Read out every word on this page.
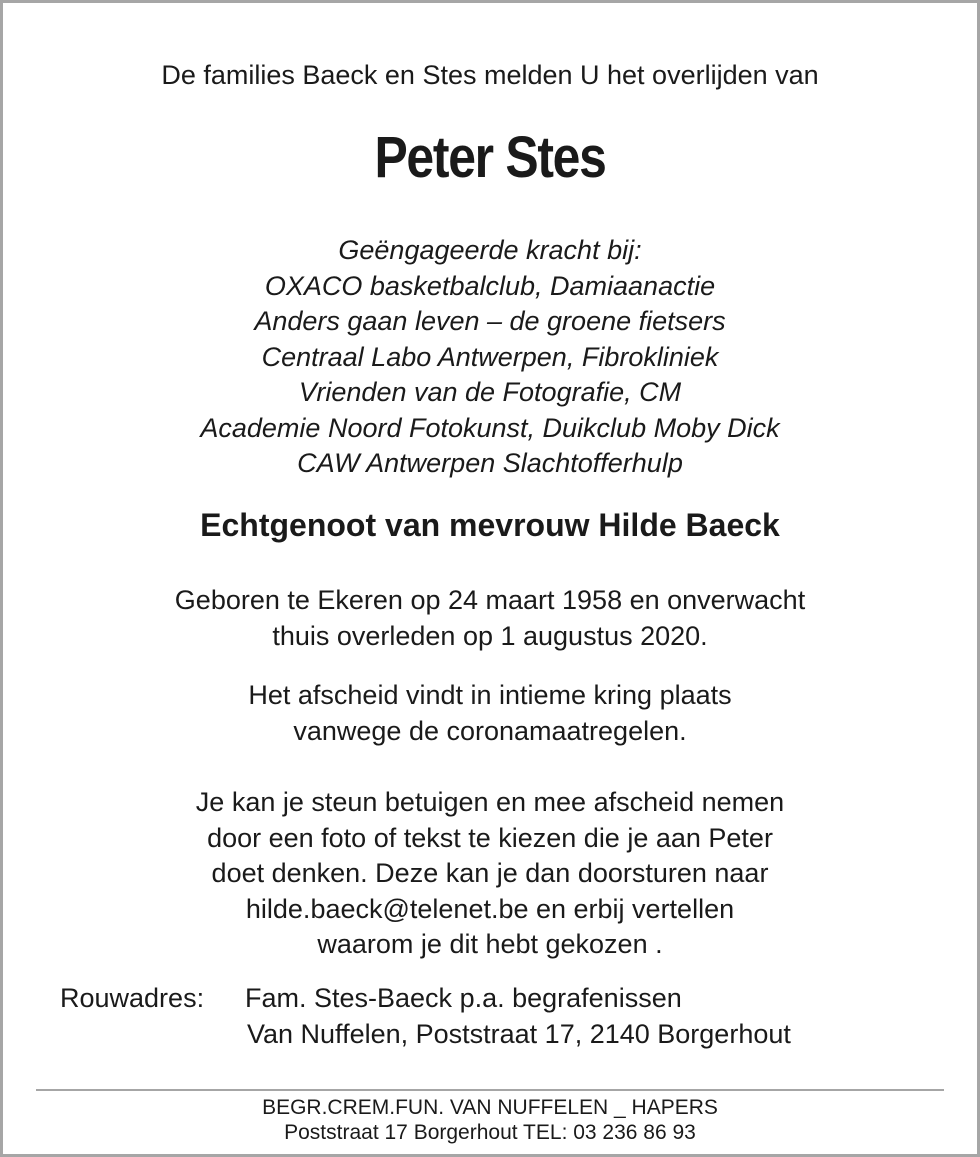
De families Baeck en Stes melden U het overlijden van
Peter Stes
Geëngageerde kracht bij:
OXACO basketbalclub, Damiaanactie
Anders gaan leven – de groene fietsers
Centraal Labo Antwerpen, Fibrokliniek
Vrienden van de Fotografie, CM
Academie Noord Fotokunst, Duikclub Moby Dick
CAW Antwerpen Slachtofferhulp
Echtgenoot van mevrouw Hilde Baeck
Geboren te Ekeren op 24 maart 1958 en onverwacht
thuis overleden op 1 augustus 2020.
Het afscheid vindt in intieme kring plaats
vanwege de coronamaatregelen.
Je kan je steun betuigen en mee afscheid nemen
door een foto of tekst te kiezen die je aan Peter
doet denken. Deze kan je dan doorsturen naar
hilde.baeck@telenet.be en erbij vertellen
waarom je dit hebt gekozen .
Rouwadres: Fam. Stes-Baeck p.a. begrafenissen
Van Nuffelen, Poststraat 17, 2140 Borgerhout
BEGR.CREM.FUN. VAN NUFFELEN _ HAPERS
Poststraat 17 Borgerhout TEL: 03 236 86 93
